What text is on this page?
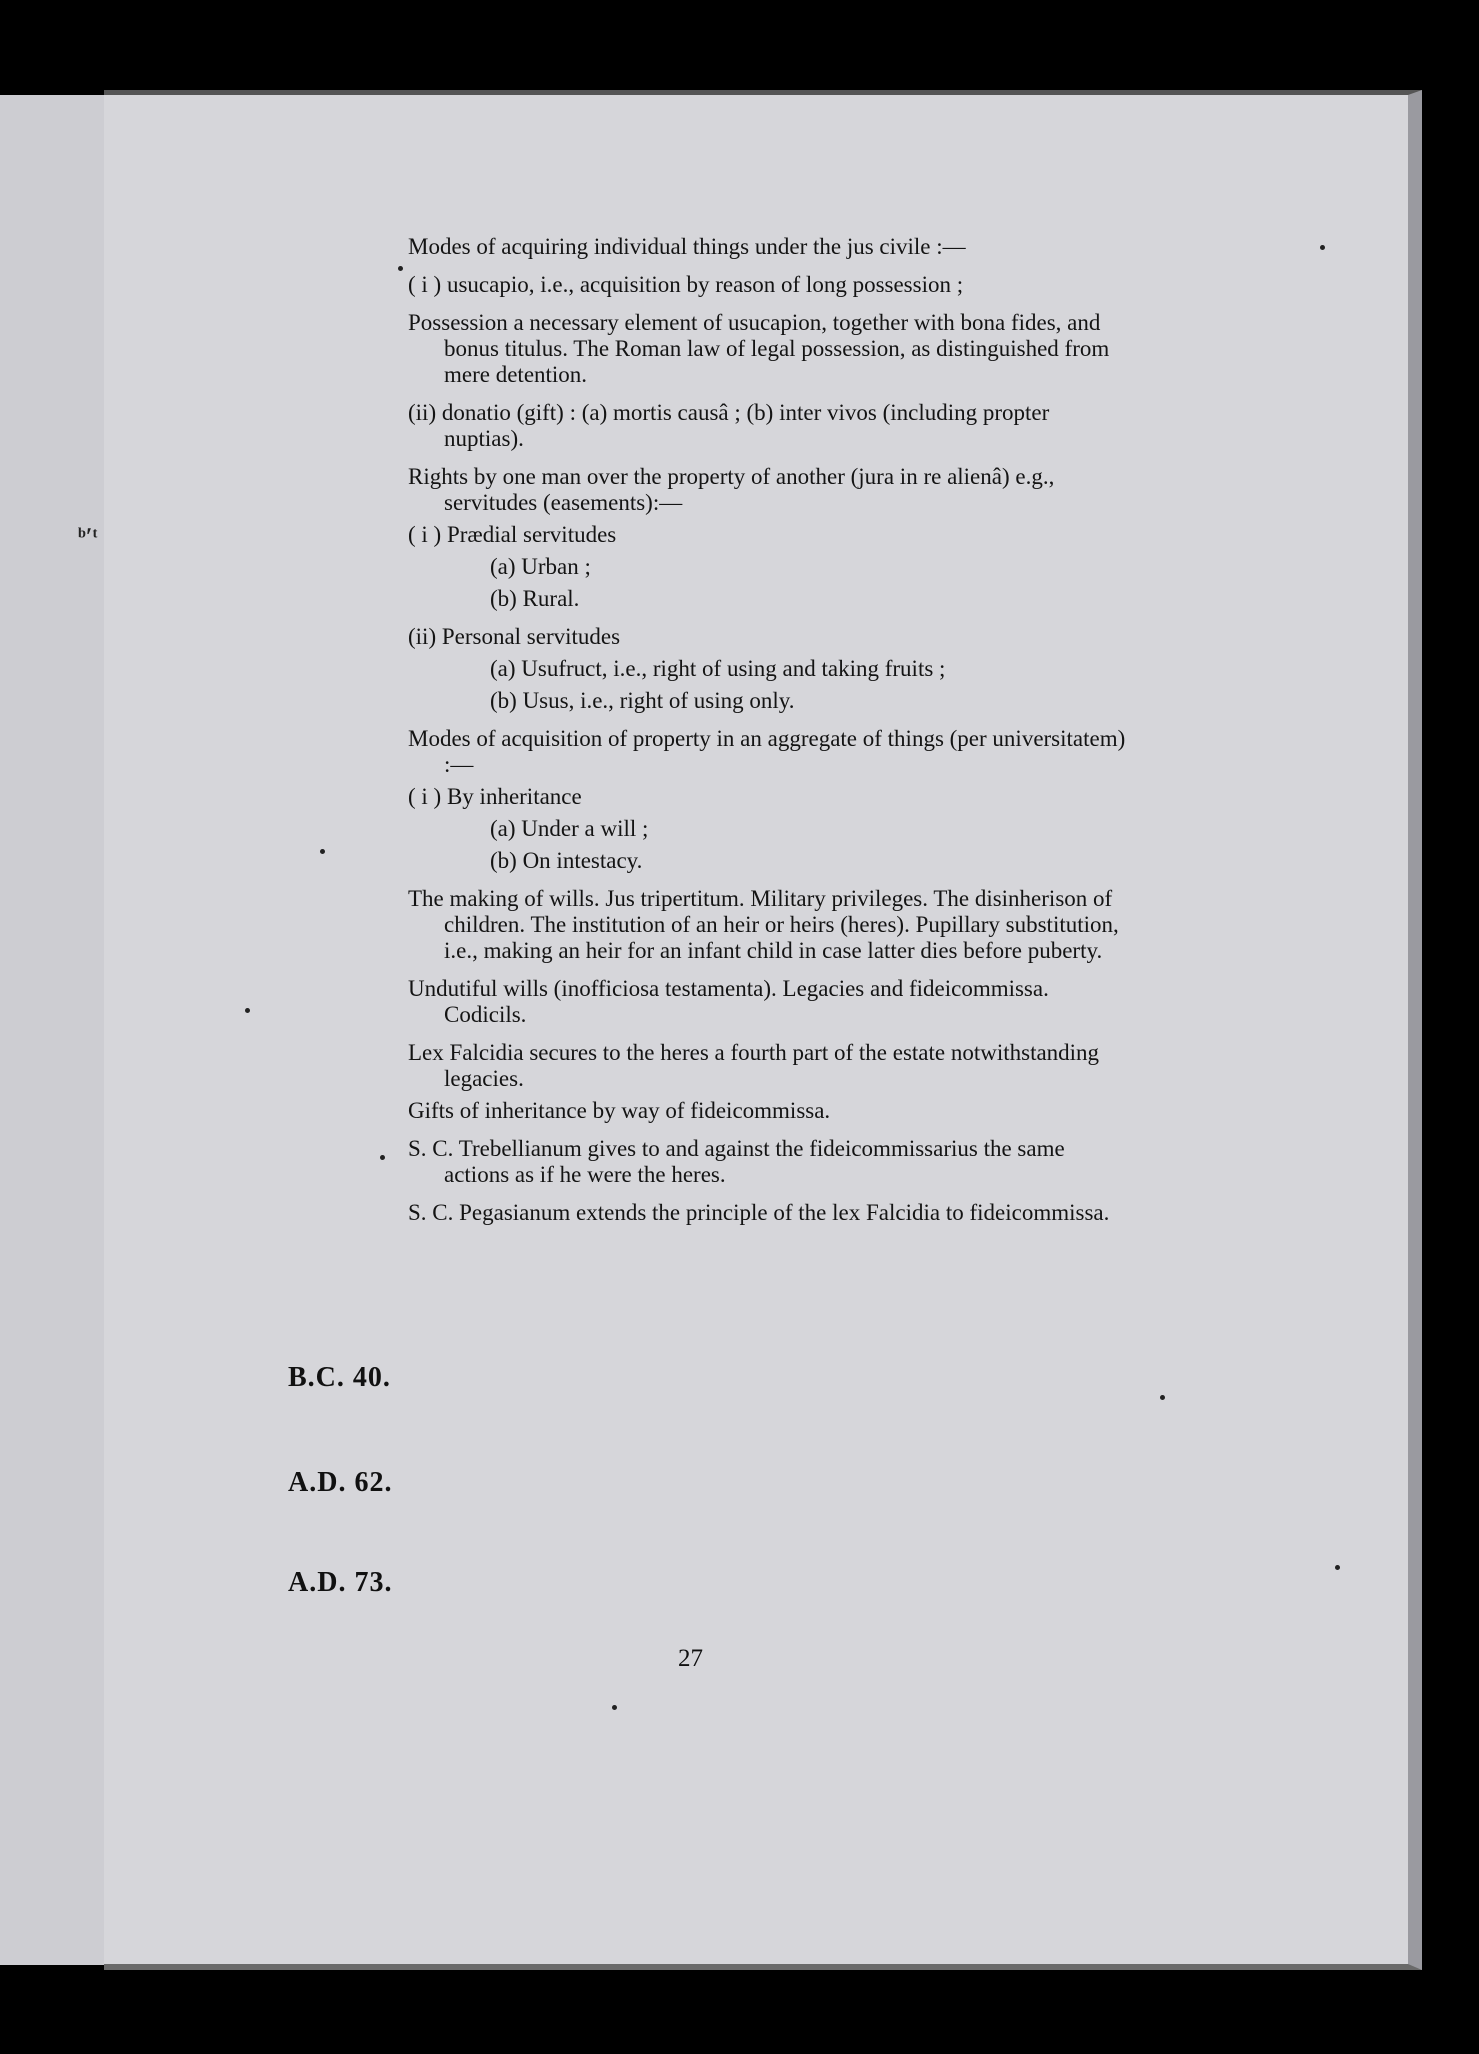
ᵇʹᵗ

Modes of acquiring individual things under the jus civile :—

( i ) usucapio, i.e., acquisition by reason of long possession ;

Possession a necessary element of usucapion, together with bona fides, and bonus titulus. The Roman law of legal possession, as distinguished from mere detention.

(ii) donatio (gift) : (a) mortis causâ ; (b) inter vivos (including propter nuptias).

Rights by one man over the property of another (jura in re alienâ) e.g., servitudes (easements):—

( i ) Prædial servitudes

(a) Urban ;

(b) Rural.

(ii) Personal servitudes

(a) Usufruct, i.e., right of using and taking fruits ;

(b) Usus, i.e., right of using only.

Modes of acquisition of property in an aggregate of things (per universitatem) :—

( i ) By inheritance

(a) Under a will ;

(b) On intestacy.

The making of wills. Jus tripertitum. Military privileges. The disinherison of children. The institution of an heir or heirs (heres). Pupillary substitution, i.e., making an heir for an infant child in case latter dies before puberty.

Undutiful wills (inofficiosa testamenta). Legacies and fideicommissa. Codicils.

Lex Falcidia secures to the heres a fourth part of the estate notwithstanding legacies.

Gifts of inheritance by way of fideicommissa.

S. C. Trebellianum gives to and against the fideicommissarius the same actions as if he were the heres.

S. C. Pegasianum extends the principle of the lex Falcidia to fideicommissa.

B.C. 40.
A.D. 62.
A.D. 73.
27
